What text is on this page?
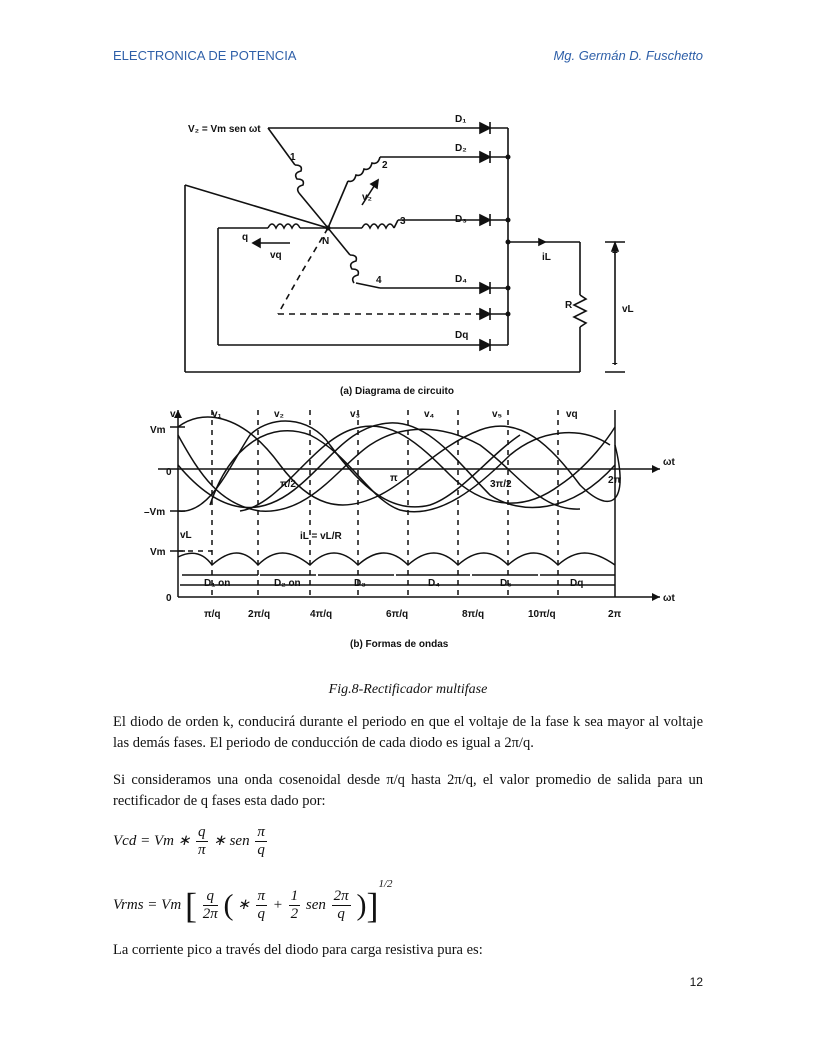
ELECTRONICA DE POTENCIA	Mg. Germán D. Fuschetto
V₂ = Vm sen ωt
N
1
2
3
4
q
v₂
vq
D₁
D₂
D₃
D₄
Dq
iL
R	vL
+
–
(a) Diagrama de circuito
v
ωt
ωt
Vm
–Vm
0
Vm
0
vL	iL = vL/R
v₁	v₂	v₃	v₄	v₅	vq
π/2
π
3π/2	2π
D₁ on	D₂ on	D₃	D₄	D₅	Dq
π/q	2π/q	4π/q	6π/q	8π/q	10π/q	2π
(b) Formas de ondas
Fig.8-Rectificador multifase
El diodo de orden k, conducirá durante el periodo en que el voltaje de la fase k sea mayor al voltaje las demás fases. El periodo de conducción de cada diodo es igual a 2π/q.
Si consideramos una onda cosenoidal desde π/q hasta 2π/q, el valor promedio de salida para un rectificador de q fases esta dado por:
Vcd = Vm ∗ $\frac{q}{\pi}$ ∗ sen $\frac{\pi}{q}$
Vrms = Vm [ $\frac{q}{2\pi}$ ( ∗ $\frac{\pi}{q} + \frac{1}{2}$ sen $\frac{2\pi}{q} )]^{1/2}$
La corriente pico a través del diodo para carga resistiva pura es:
12
